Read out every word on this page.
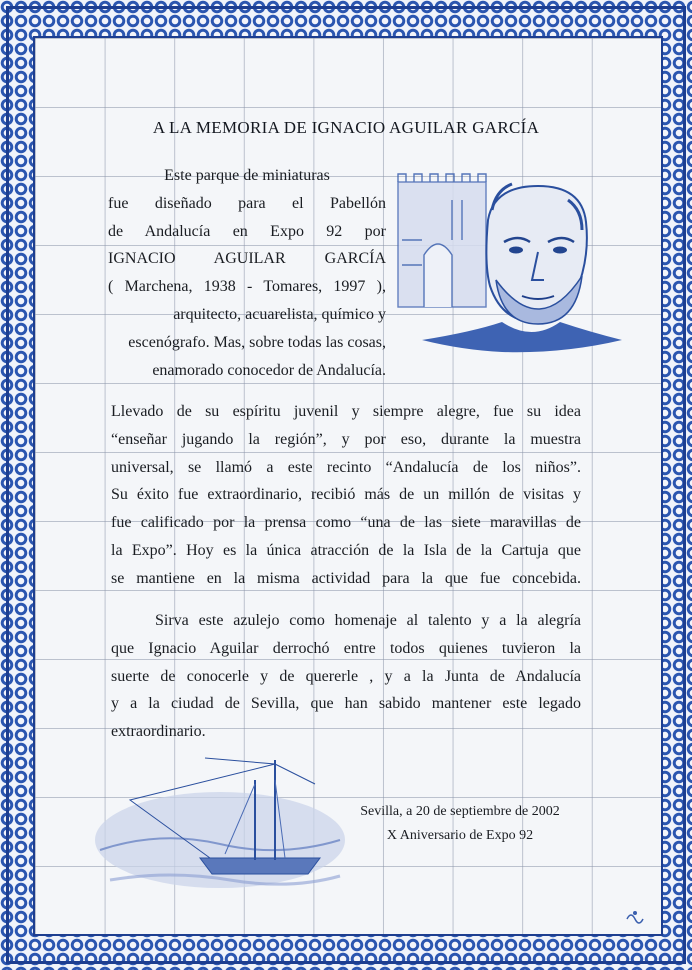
A LA MEMORIA DE IGNACIO AGUILAR GARCÍA

Este parque de miniaturas
fue diseñado para el Pabellón
de Andalucía en Expo 92 por
IGNACIO AGUILAR GARCÍA
( Marchena, 1938 - Tomares, 1997 ),
arquitecto, acuarelista, químico y
escenógrafo. Mas, sobre todas las cosas,
enamorado conocedor de Andalucía.

Llevado de su espíritu juvenil y siempre alegre, fue su idea
“enseñar jugando la región”, y por eso, durante la muestra
universal, se llamó a este recinto “Andalucía de los niños”.
Su éxito fue extraordinario, recibió más de un millón de visitas y
fue calificado por la prensa como “una de las siete maravillas de
la Expo”. Hoy es la única atracción de la Isla de la Cartuja que
se mantiene en la misma actividad para la que fue concebida.

Sirva este azulejo como homenaje al talento y a la alegría
que Ignacio Aguilar derrochó entre todos quienes tuvieron la
suerte de conocerle y de quererle , y a la Junta de Andalucía
y a la ciudad de Sevilla, que han sabido mantener este legado
extraordinario.

Sevilla, a 20 de septiembre de 2002
X Aniversario de Expo 92
